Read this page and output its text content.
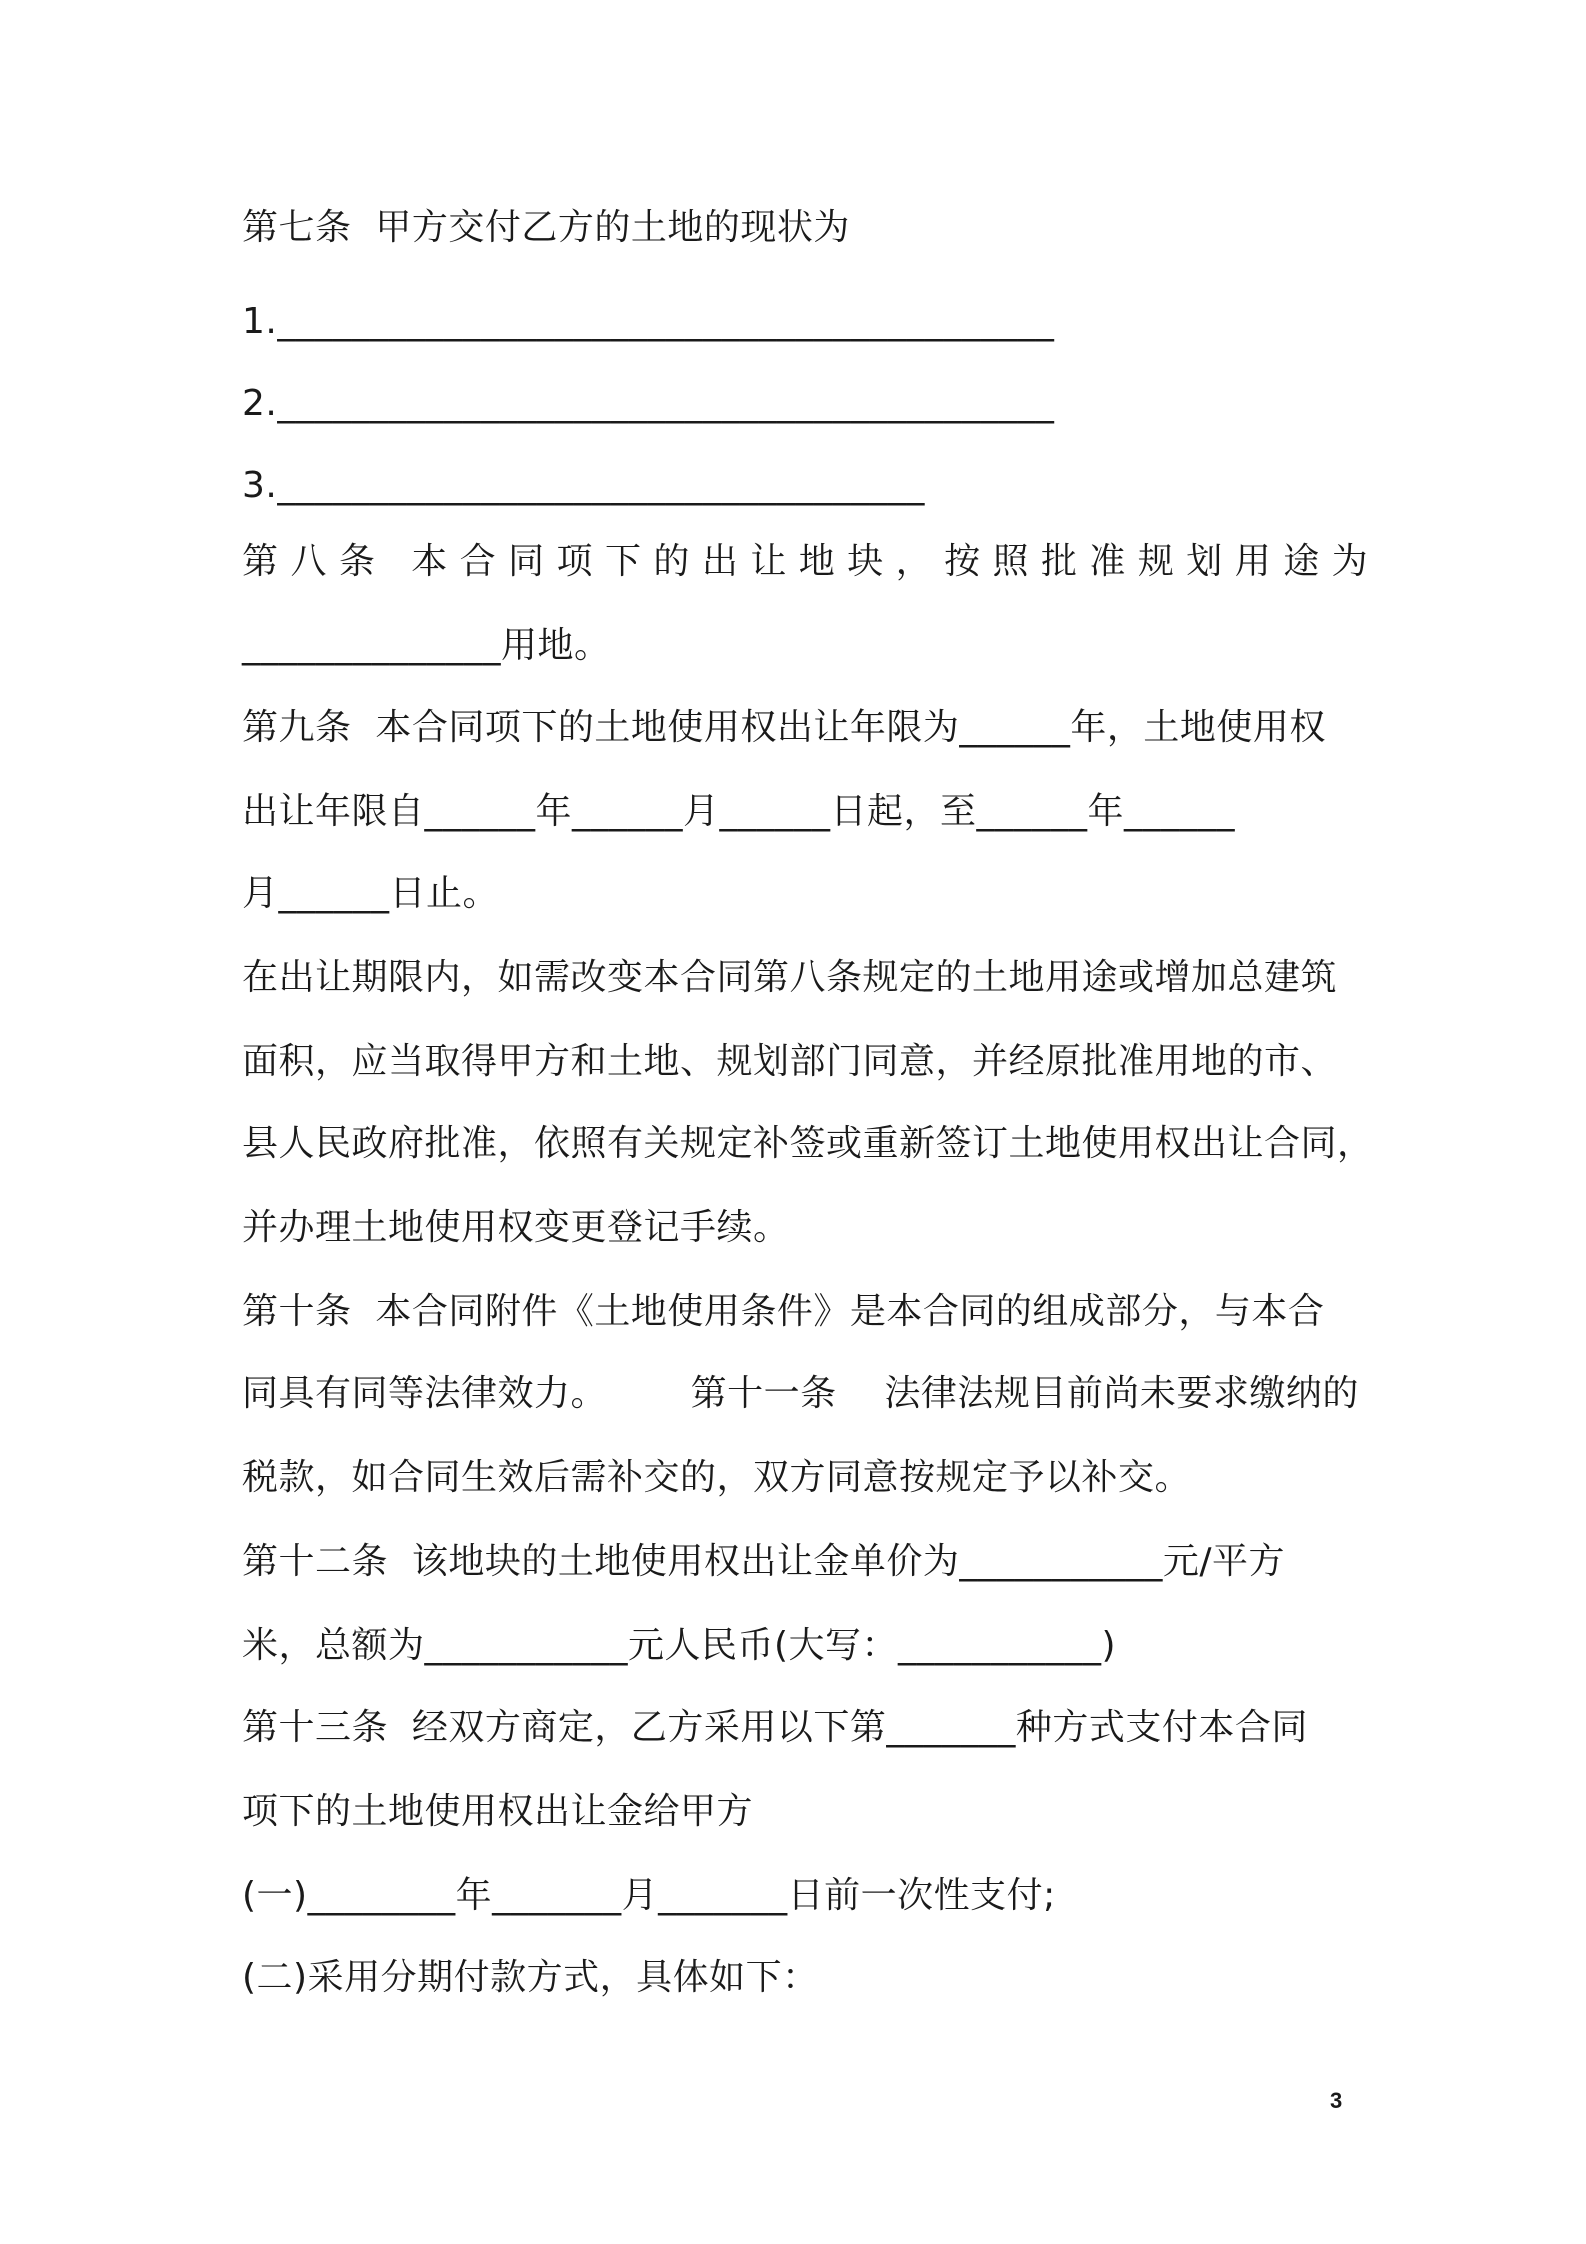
第七条  甲方交付乙方的土地的现状为
1.__________________________________________
2.__________________________________________
3.___________________________________
第 八 条   本 合 同 项 下 的 出 让 地 块 ， 按 照 批 准 规 划 用 途 为
______________用地。
第九条  本合同项下的土地使用权出让年限为______年，土地使用权
出让年限自______年______月______日起，至______年______
月______日止。
在出让期限内，如需改变本合同第八条规定的土地用途或增加总建筑
面积，应当取得甲方和土地、规划部门同意，并经原批准用地的市、
县人民政府批准，依照有关规定补签或重新签订土地使用权出让合同，
并办理土地使用权变更登记手续。
第十条  本合同附件《土地使用条件》是本合同的组成部分，与本合
同具有同等法律效力。       第十一条    法律法规目前尚未要求缴纳的
税款，如合同生效后需补交的，双方同意按规定予以补交。
第十二条  该地块的土地使用权出让金单价为___________元/平方
米，总额为___________元人民币(大写：___________)
第十三条  经双方商定，乙方采用以下第_______种方式支付本合同
项下的土地使用权出让金给甲方
(一)________年_______月_______日前一次性支付;
(二)采用分期付款方式，具体如下：
3
